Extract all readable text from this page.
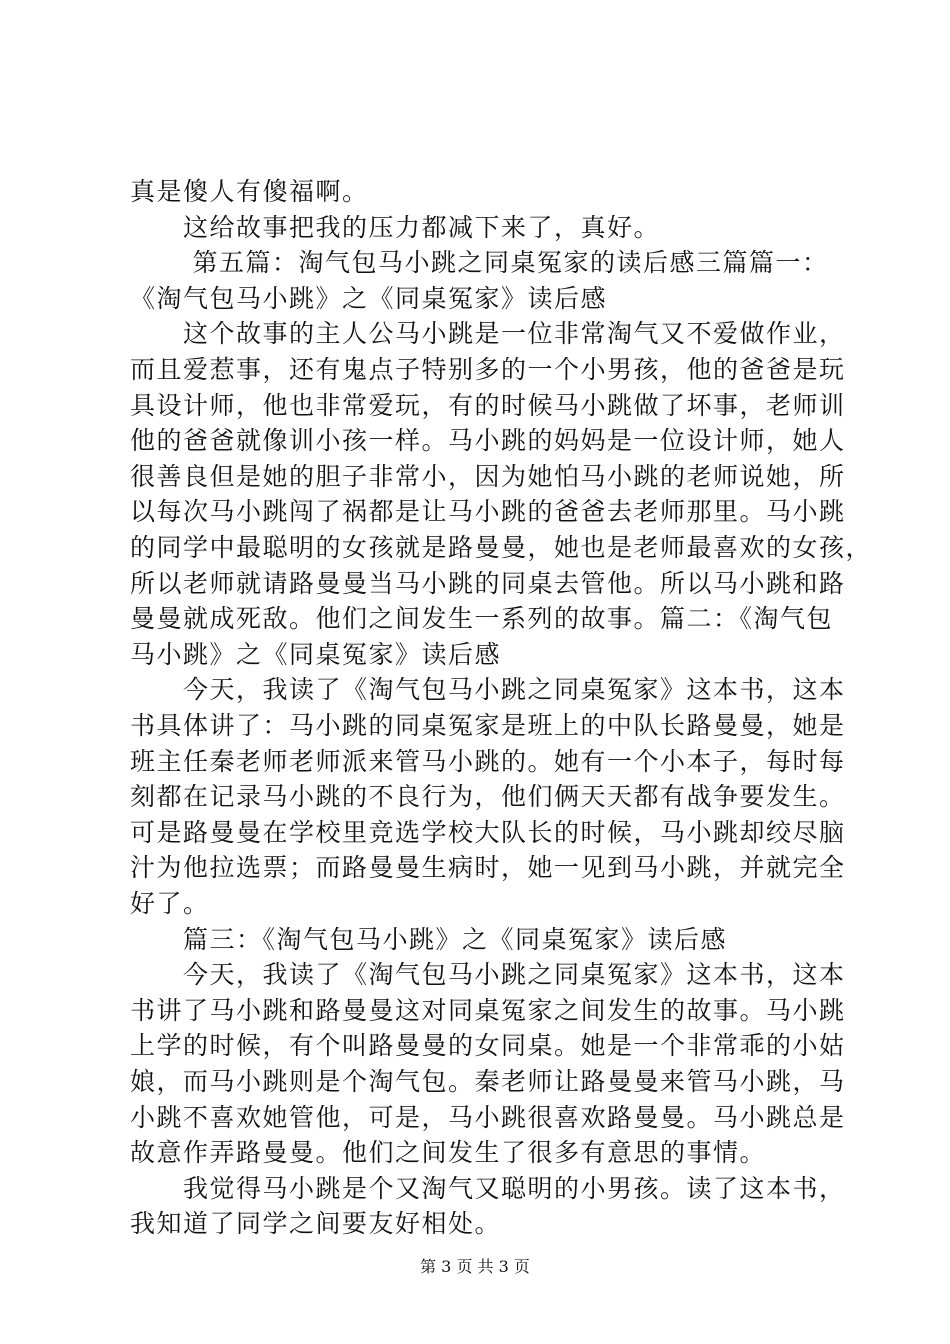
真是傻人有傻福啊。
　　这给故事把我的压力都减下来了，真好。
　　 第五篇：淘气包马小跳之同桌冤家的读后感三篇篇一：
《淘气包马小跳》之《同桌冤家》读后感
　　这个故事的主人公马小跳是一位非常淘气又不爱做作业，
而且爱惹事，还有鬼点子特别多的一个小男孩，他的爸爸是玩
具设计师，他也非常爱玩，有的时候马小跳做了坏事，老师训
他的爸爸就像训小孩一样。马小跳的妈妈是一位设计师，她人
很善良但是她的胆子非常小，因为她怕马小跳的老师说她，所
以每次马小跳闯了祸都是让马小跳的爸爸去老师那里。马小跳
的同学中最聪明的女孩就是路曼曼，她也是老师最喜欢的女孩，
所以老师就请路曼曼当马小跳的同桌去管他。所以马小跳和路
曼曼就成死敌。他们之间发生一系列的故事。篇二：《淘气包
马小跳》之《同桌冤家》读后感
　　今天，我读了《淘气包马小跳之同桌冤家》这本书，这本
书具体讲了：马小跳的同桌冤家是班上的中队长路曼曼，她是
班主任秦老师老师派来管马小跳的。她有一个小本子，每时每
刻都在记录马小跳的不良行为，他们俩天天都有战争要发生。
可是路曼曼在学校里竞选学校大队长的时候，马小跳却绞尽脑
汁为他拉选票；而路曼曼生病时，她一见到马小跳，并就完全
好了。
　　篇三：《淘气包马小跳》之《同桌冤家》读后感
　　今天，我读了《淘气包马小跳之同桌冤家》这本书，这本
书讲了马小跳和路曼曼这对同桌冤家之间发生的故事。马小跳
上学的时候，有个叫路曼曼的女同桌。她是一个非常乖的小姑
娘，而马小跳则是个淘气包。秦老师让路曼曼来管马小跳，马
小跳不喜欢她管他，可是，马小跳很喜欢路曼曼。马小跳总是
故意作弄路曼曼。他们之间发生了很多有意思的事情。
　　我觉得马小跳是个又淘气又聪明的小男孩。读了这本书，
我知道了同学之间要友好相处。
第 3 页 共 3 页
